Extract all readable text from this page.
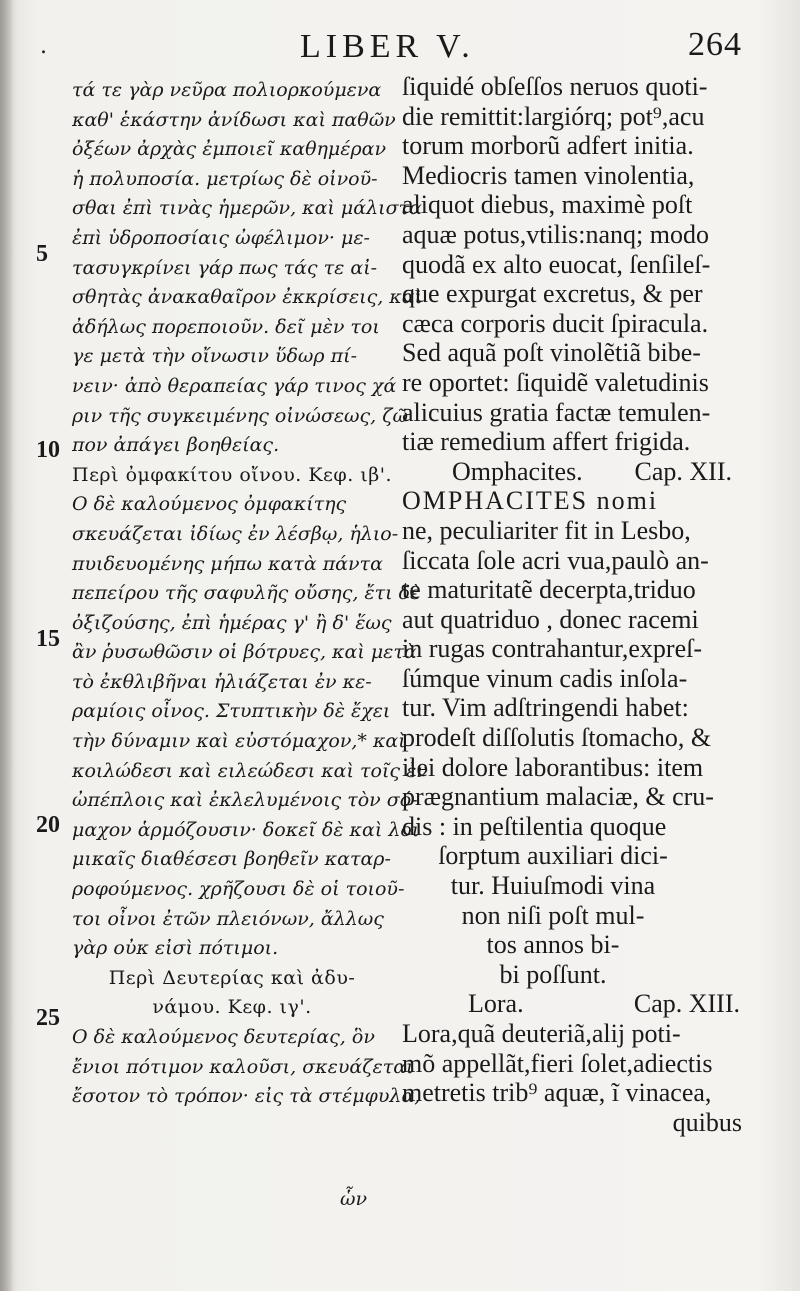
.	LIBER V.	264
5
10
15
20
25
τά τε γὰρ νεῦρα πολιορκούμενα
καθ' ἑκάστην ἀνίδωσι καὶ παθῶν
ὀξέων ἀρχὰς ἐμποιεῖ καθημέραν
ἡ πολυποσία. μετρίως δὲ οἰνοῦ-
σθαι ἐπὶ τινὰς ἡμερῶν, καὶ μάλιστα
ἐπὶ ὑδροποσίαις ὠφέλιμον· με-
τασυγκρίνει γάρ πως τάς τε αἰ-
σθητὰς ἀνακαθαῖρον ἐκκρίσεις, καὶ
ἀδήλως πορεποιοῦν. δεῖ μὲν τοι
γε μετὰ τὴν οἴνωσιν ὕδωρ πί-
νειν· ἀπὸ θεραπείας γάρ τινος χά
ριν τῆς συγκειμένης οἰνώσεως, ζῶ
πον ἀπάγει βοηθείας.
Περὶ ὀμφακίτου οἴνου. Κεφ. ιβ'.
Ο δὲ καλούμενος ὀμφακίτης
σκευάζεται ἰδίως ἐν λέσβῳ, ἡλιο-
πυιδευομένης μήπω κατὰ πάντα
πεπείρου τῆς σαφυλῆς οὔσης, ἔτι δὲ
ὀξιζούσης, ἐπὶ ἡμέρας γ' ἢ δ' ἕως
ἂν ῥυσωθῶσιν οἱ βότρυες, καὶ μετὰ
τὸ ἐκθλιβῆναι ἡλιάζεται ἐν κε-
ραμίοις οἶνος. Στυπτικὴν δὲ ἔχει
τὴν δύναμιν καὶ εὐστόμαχον,* καὶ
κοιλώδεσι καὶ ειλεώδεσι καὶ τοῖς ἐν
ὠπέπλοις καὶ ἐκλελυμένοις τὸν σό-
μαχον ἁρμόζουσιν· δοκεῖ δὲ καὶ λοι
μικαῖς διαθέσεσι βοηθεῖν καταρ-
ροφούμενος. χρῆζουσι δὲ οἱ τοιοῦ-
τοι οἶνοι ἐτῶν πλειόνων, ἄλλως
γὰρ οὐκ εἰσὶ πότιμοι.
Περὶ Δευτερίας καὶ ἀδυ-
νάμου. Κεφ. ιγ'.
Ο δὲ καλούμενος δευτερίας, ὃν
ἔνιοι πότιμον καλοῦσι, σκευάζεται
ἔσοτον τὸ τρόπον· εἰς τὰ στέμφυλα,
ὧν
ſiquidé obſeſſos neruos quoti-
die remittit:largiórq; pot⁹,acu
torum morborũ adfert initia.
Mediocris tamen vinolentia,
aliquot diebus, maximè poſt
aquæ potus,vtilis:nanq; modo
quodã ex alto euocat, ſenſileſ-
que expurgat excretus, & per
cæca corporis ducit ſpiracula.
Sed aquã poſt vinolẽtiã bibe-
re oportet: ſiquidẽ valetudinis
alicuius gratia factæ temulen-
tiæ remedium affert frigida.
Omphacites. Cap. XII.
OMPHACITES nomi
ne, peculiariter fit in Lesbo,
ſiccata ſole acri vua,paulò an-
te maturitatẽ decerpta,triduo
aut quatriduo , donec racemi
in rugas contrahantur,expreſ-
ſúmque vinum cadis inſola-
tur. Vim adſtringendi habet:
prodeſt diſſolutis ſtomacho, &
ilei dolore laborantibus: item
prægnantium malaciæ, & cru-
dis : in peſtilentia quoque
ſorptum auxiliari dici-
tur. Huiuſmodi vina
non niſi poſt mul-
tos annos bi-
bi poſſunt.
Lora.	Cap. XIII.
Lora,quã deuteriã,alij poti-
mõ appellãt,fieri ſolet,adiectis
metretis trib⁹ aquæ, ĩ vinacea,
quibus
